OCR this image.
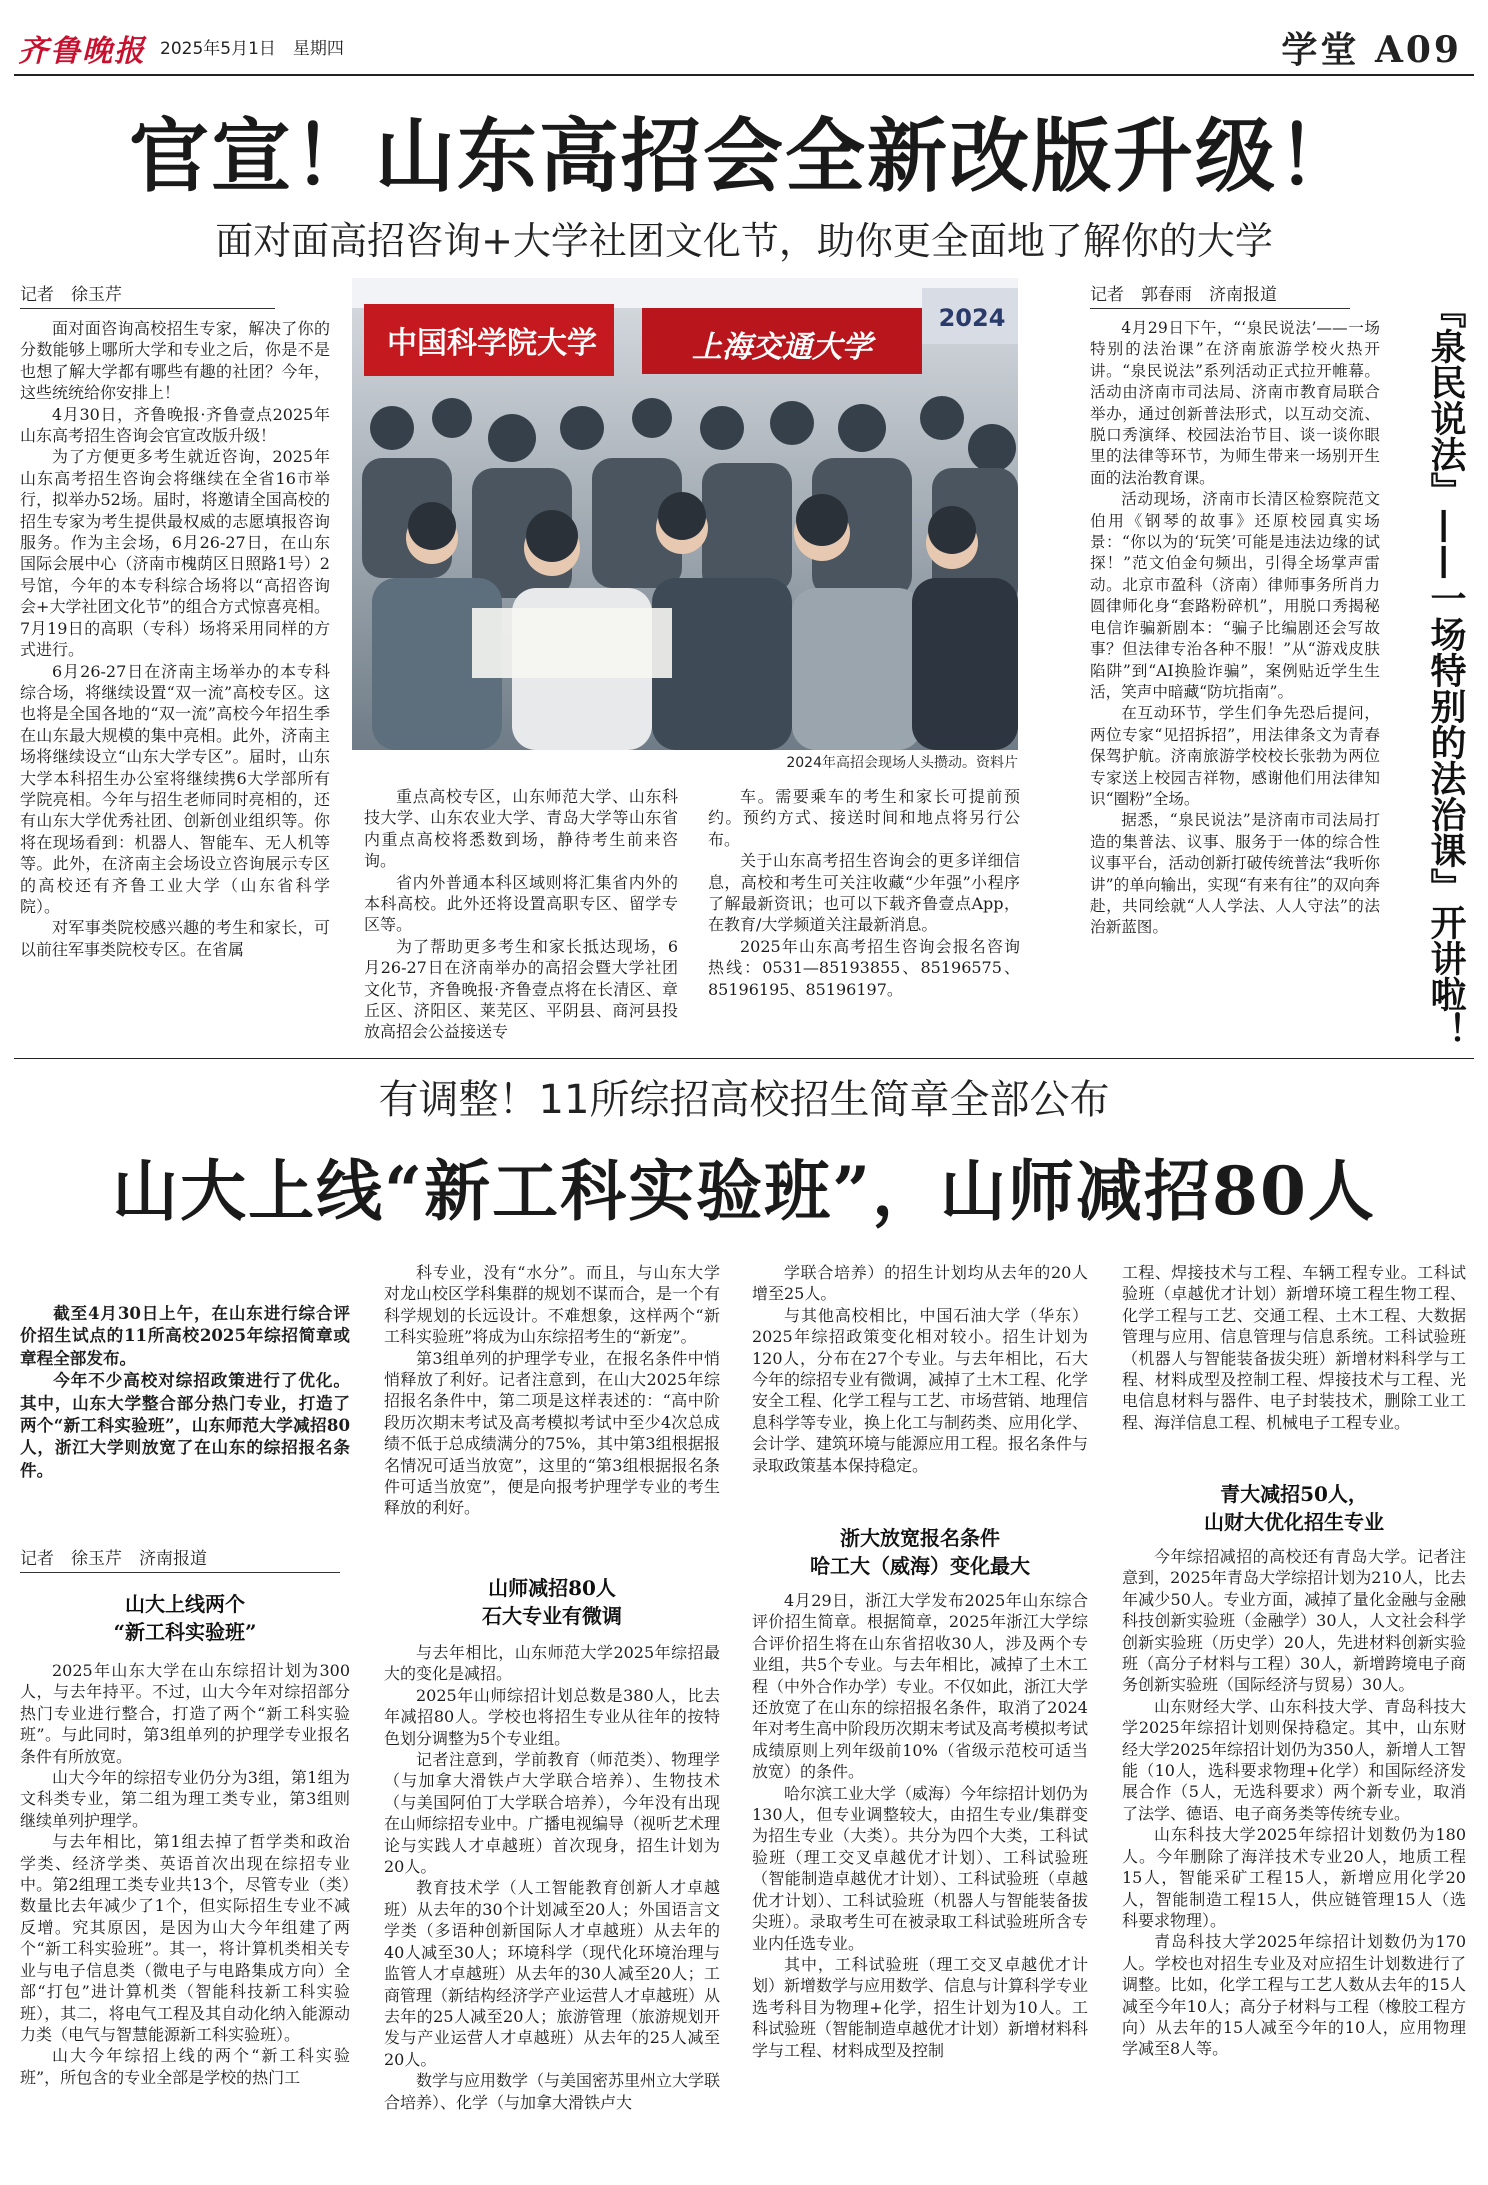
齐鲁晚报 2025年5月1日　星期四	学堂 A09
官宣！山东高招会全新改版升级！
面对面高招咨询+大学社团文化节，助你更全面地了解你的大学
记者　徐玉芹

面对面咨询高校招生专家，解决了你的分数能够上哪所大学和专业之后，你是不是也想了解大学都有哪些有趣的社团？今年，这些统统给你安排上！

4月30日，齐鲁晚报·齐鲁壹点2025年山东高考招生咨询会官宣改版升级！

为了方便更多考生就近咨询，2025年山东高考招生咨询会将继续在全省16市举行，拟举办52场。届时，将邀请全国高校的招生专家为考生提供最权威的志愿填报咨询服务。作为主会场，6月26-27日，在山东国际会展中心（济南市槐荫区日照路1号）2号馆，今年的本专科综合场将以“高招咨询会+大学社团文化节”的组合方式惊喜亮相。7月19日的高职（专科）场将采用同样的方式进行。

6月26-27日在济南主场举办的本专科综合场，将继续设置“双一流”高校专区。这也将是全国各地的“双一流”高校今年招生季在山东最大规模的集中亮相。此外，济南主场将继续设立“山东大学专区”。届时，山东大学本科招生办公室将继续携6大学部所有学院亮相。今年与招生老师同时亮相的，还有山东大学优秀社团、创新创业组织等。你将在现场看到：机器人、智能车、无人机等等。此外，在济南主会场设立咨询展示专区的高校还有齐鲁工业大学（山东省科学院）。

对军事类院校感兴趣的考生和家长，可以前往军事类院校专区。在省属

中国科学院大学	上海交通大学
2024
2024年高招会现场人头攒动。资料片

重点高校专区，山东师范大学、山东科技大学、山东农业大学、青岛大学等山东省内重点高校将悉数到场，静待考生前来咨询。

省内外普通本科区域则将汇集省内外的本科高校。此外还将设置高职专区、留学专区等。

为了帮助更多考生和家长抵达现场，6月26-27日在济南举办的高招会暨大学社团文化节，齐鲁晚报·齐鲁壹点将在长清区、章丘区、济阳区、莱芜区、平阴县、商河县投放高招会公益接送专

车。需要乘车的考生和家长可提前预约。预约方式、接送时间和地点将另行公布。

关于山东高考招生咨询会的更多详细信息，高校和考生可关注收藏“少年强”小程序了解最新资讯；也可以下载齐鲁壹点App，在教育/大学频道关注最新消息。

2025年山东高考招生咨询会报名咨询热线：0531—85193855、85196575、85196195、85196197。

记者　郭春雨　济南报道

4月29日下午，“‘泉民说法’——一场特别的法治课”在济南旅游学校火热开讲。“泉民说法”系列活动正式拉开帷幕。活动由济南市司法局、济南市教育局联合举办，通过创新普法形式，以互动交流、脱口秀演绎、校园法治节目、谈一谈你眼里的法律等环节，为师生带来一场别开生面的法治教育课。

活动现场，济南市长清区检察院范文伯用《钢琴的故事》还原校园真实场景：“你以为的‘玩笑’可能是违法边缘的试探！”范文伯金句频出，引得全场掌声雷动。北京市盈科（济南）律师事务所肖力圆律师化身“套路粉碎机”，用脱口秀揭秘电信诈骗新剧本：“骗子比编剧还会写故事？但法律专治各种不服！”从“游戏皮肤陷阱”到“AI换脸诈骗”，案例贴近学生生活，笑声中暗藏“防坑指南”。

在互动环节，学生们争先恐后提问，两位专家“见招拆招”，用法律条文为青春保驾护航。济南旅游学校校长张勃为两位专家送上校园吉祥物，感谢他们用法律知识“圈粉”全场。

据悉，“泉民说法”是济南市司法局打造的集普法、议事、服务于一体的综合性议事平台，活动创新打破传统普法“我听你讲”的单向输出，实现“有来有往”的双向奔赴，共同绘就“人人学法、人人守法”的法治新蓝图。	『泉民说法』——一场特别的法治课』开讲啦！
有调整！11所综招高校招生简章全部公布
山大上线“新工科实验班”，山师减招80人

截至4月30日上午，在山东进行综合评价招生试点的11所高校2025年综招简章或章程全部发布。

今年不少高校对综招政策进行了优化。其中，山东大学整合部分热门专业，打造了两个“新工科实验班”，山东师范大学减招80人，浙江大学则放宽了在山东的综招报名条件。

记者　徐玉芹　济南报道
山大上线两个
“新工科实验班”

2025年山东大学在山东综招计划为300人，与去年持平。不过，山大今年对综招部分热门专业进行整合，打造了两个“新工科实验班”。与此同时，第3组单列的护理学专业报名条件有所放宽。

山大今年的综招专业仍分为3组，第1组为文科类专业，第二组为理工类专业，第3组则继续单列护理学。

与去年相比，第1组去掉了哲学类和政治学类、经济学类、英语首次出现在综招专业中。第2组理工类专业共13个，尽管专业（类）数量比去年减少了1个，但实际招生专业不减反增。究其原因，是因为山大今年组建了两个“新工科实验班”。其一，将计算机类相关专业与电子信息类（微电子与电路集成方向）全部“打包”进计算机类（智能科技新工科实验班），其二，将电气工程及其自动化纳入能源动力类（电气与智慧能源新工科实验班）。

山大今年综招上线的两个“新工科实验班”，所包含的专业全部是学校的热门工

科专业，没有“水分”。而且，与山东大学对龙山校区学科集群的规划不谋而合，是一个有科学规划的长远设计。不难想象，这样两个“新工科实验班”将成为山东综招考生的“新宠”。

第3组单列的护理学专业，在报名条件中悄悄释放了利好。记者注意到，在山大2025年综招报名条件中，第二项是这样表述的：“高中阶段历次期末考试及高考模拟考试中至少4次总成绩不低于总成绩满分的75%，其中第3组根据报名情况可适当放宽”，这里的“第3组根据报名条件可适当放宽”，便是向报考护理学专业的考生释放的利好。

山师减招80人
石大专业有微调

与去年相比，山东师范大学2025年综招最大的变化是减招。

2025年山师综招计划总数是380人，比去年减招80人。学校也将招生专业从往年的按特色划分调整为5个专业组。

记者注意到，学前教育（师范类）、物理学（与加拿大滑铁卢大学联合培养）、生物技术（与美国阿伯丁大学联合培养），今年没有出现在山师综招专业中。广播电视编导（视听艺术理论与实践人才卓越班）首次现身，招生计划为20人。

教育技术学（人工智能教育创新人才卓越班）从去年的30个计划减至20人；外国语言文学类（多语种创新国际人才卓越班）从去年的40人减至30人；环境科学（现代化环境治理与监管人才卓越班）从去年的30人减至20人；工商管理（新结构经济学产业运营人才卓越班）从去年的25人减至20人；旅游管理（旅游规划开发与产业运营人才卓越班）从去年的25人减至20人。

数学与应用数学（与美国密苏里州立大学联合培养）、化学（与加拿大滑铁卢大

学联合培养）的招生计划均从去年的20人增至25人。

与其他高校相比，中国石油大学（华东）2025年综招政策变化相对较小。招生计划为120人，分布在27个专业。与去年相比，石大今年的综招专业有微调，减掉了土木工程、化学安全工程、化学工程与工艺、市场营销、地理信息科学等专业，换上化工与制药类、应用化学、会计学、建筑环境与能源应用工程。报名条件与录取政策基本保持稳定。

浙大放宽报名条件
哈工大（威海）变化最大

4月29日，浙江大学发布2025年山东综合评价招生简章。根据简章，2025年浙江大学综合评价招生将在山东省招收30人，涉及两个专业组，共5个专业。与去年相比，减掉了土木工程（中外合作办学）专业。不仅如此，浙江大学还放宽了在山东的综招报名条件，取消了2024年对考生高中阶段历次期末考试及高考模拟考试成绩原则上列年级前10%（省级示范校可适当放宽）的条件。

哈尔滨工业大学（威海）今年综招计划仍为130人，但专业调整较大，由招生专业/集群变为招生专业（大类）。共分为四个大类，工科试验班（理工交叉卓越优才计划）、工科试验班（智能制造卓越优才计划）、工科试验班（卓越优才计划）、工科试验班（机器人与智能装备拔尖班）。录取考生可在被录取工科试验班所含专业内任选专业。

其中，工科试验班（理工交叉卓越优才计划）新增数学与应用数学、信息与计算科学专业选考科目为物理+化学，招生计划为10人。工科试验班（智能制造卓越优才计划）新增材料科学与工程、材料成型及控制

工程、焊接技术与工程、车辆工程专业。工科试验班（卓越优才计划）新增环境工程生物工程、化学工程与工艺、交通工程、土木工程、大数据管理与应用、信息管理与信息系统。工科试验班（机器人与智能装备拔尖班）新增材料科学与工程、材料成型及控制工程、焊接技术与工程、光电信息材料与器件、电子封装技术，删除工业工程、海洋信息工程、机械电子工程专业。

青大减招50人，
山财大优化招生专业

今年综招减招的高校还有青岛大学。记者注意到，2025年青岛大学综招计划为210人，比去年减少50人。专业方面，减掉了量化金融与金融科技创新实验班（金融学）30人，人文社会科学创新实验班（历史学）20人，先进材料创新实验班（高分子材料与工程）30人，新增跨境电子商务创新实验班（国际经济与贸易）30人。

山东财经大学、山东科技大学、青岛科技大学2025年综招计划则保持稳定。其中，山东财经大学2025年综招计划仍为350人，新增人工智能（10人，选科要求物理+化学）和国际经济发展合作（5人，无选科要求）两个新专业，取消了法学、德语、电子商务类等传统专业。

山东科技大学2025年综招计划数仍为180人。今年删除了海洋技术专业20人，地质工程15人，智能采矿工程15人，新增应用化学20人，智能制造工程15人，供应链管理15人（选科要求物理）。

青岛科技大学2025年综招计划数仍为170人。学校也对招生专业及对应招生计划数进行了调整。比如，化学工程与工艺人数从去年的15人减至今年10人；高分子材料与工程（橡胶工程方向）从去年的15人减至今年的10人，应用物理学减至8人等。
